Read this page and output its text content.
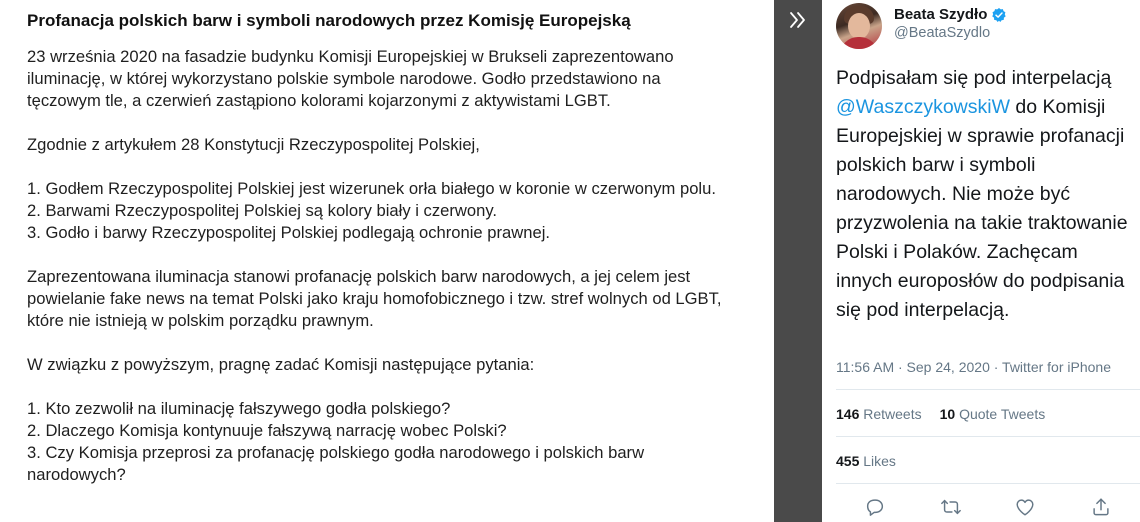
Profanacja polskich barw i symboli narodowych przez Komisję Europejską

23 września 2020 na fasadzie budynku Komisji Europejskiej w Brukseli zaprezentowano

iluminację, w której wykorzystano polskie symbole narodowe. Godło przedstawiono na

tęczowym tle, a czerwień zastąpiono kolorami kojarzonymi z aktywistami LGBT.

Zgodnie z artykułem 28 Konstytucji Rzeczypospolitej Polskiej,

1. Godłem Rzeczypospolitej Polskiej jest wizerunek orła białego w koronie w czerwonym polu.

2. Barwami Rzeczypospolitej Polskiej są kolory biały i czerwony.

3. Godło i barwy Rzeczypospolitej Polskiej podlegają ochronie prawnej.

Zaprezentowana iluminacja stanowi profanację polskich barw narodowych, a jej celem jest

powielanie fake news na temat Polski jako kraju homofobicznego i tzw. stref wolnych od LGBT,

które nie istnieją w polskim porządku prawnym.

W związku z powyższym, pragnę zadać Komisji następujące pytania:

1. Kto zezwolił na iluminację fałszywego godła polskiego?

2. Dlaczego Komisja kontynuuje fałszywą narrację wobec Polski?

3. Czy Komisja przeprosi za profanację polskiego godła narodowego i polskich barw

narodowych?

Beata Szydło
@BeataSzydlo
Podpisałam się pod interpelacją @WaszczykowskiW do Komisji Europejskiej w sprawie profanacji polskich barw i symboli narodowych. Nie może być przyzwolenia na takie traktowanie Polski i Polaków. Zachęcam innych europosłów do podpisania się pod interpelacją.
11:56 AM · Sep 24, 2020 · Twitter for iPhone
146 Retweets 10 Quote Tweets
455 Likes
